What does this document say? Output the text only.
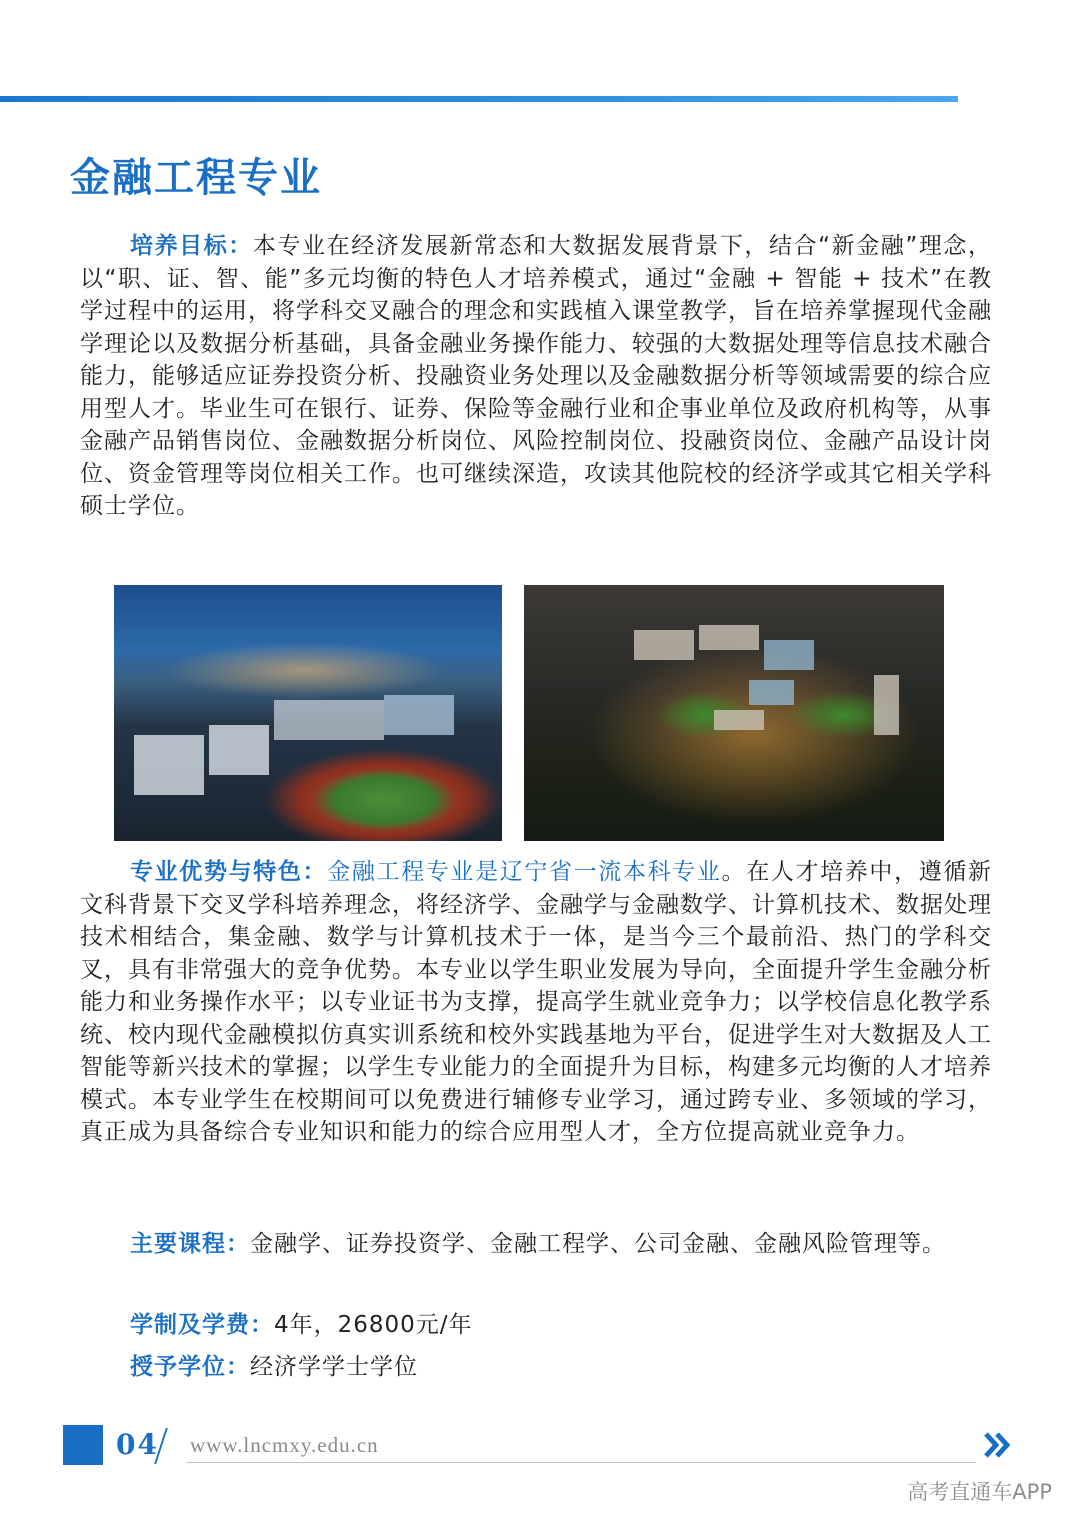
金融工程专业

培养目标：本专业在经济发展新常态和大数据发展背景下，结合“新金融”理念，以“职、证、智、能”多元均衡的特色人才培养模式，通过“金融 + 智能 + 技术”在教学过程中的运用，将学科交叉融合的理念和实践植入课堂教学，旨在培养掌握现代金融学理论以及数据分析基础，具备金融业务操作能力、较强的大数据处理等信息技术融合能力，能够适应证券投资分析、投融资业务处理以及金融数据分析等领域需要的综合应用型人才。毕业生可在银行、证券、保险等金融行业和企事业单位及政府机构等，从事金融产品销售岗位、金融数据分析岗位、风险控制岗位、投融资岗位、金融产品设计岗位、资金管理等岗位相关工作。也可继续深造，攻读其他院校的经济学或其它相关学科硕士学位。

专业优势与特色：金融工程专业是辽宁省一流本科专业。在人才培养中，遵循新文科背景下交叉学科培养理念，将经济学、金融学与金融数学、计算机技术、数据处理技术相结合，集金融、数学与计算机技术于一体，是当今三个最前沿、热门的学科交叉，具有非常强大的竞争优势。本专业以学生职业发展为导向，全面提升学生金融分析能力和业务操作水平；以专业证书为支撑，提高学生就业竞争力；以学校信息化教学系统、校内现代金融模拟仿真实训系统和校外实践基地为平台，促进学生对大数据及人工智能等新兴技术的掌握；以学生专业能力的全面提升为目标，构建多元均衡的人才培养模式。本专业学生在校期间可以免费进行辅修专业学习，通过跨专业、多领域的学习，真正成为具备综合专业知识和能力的综合应用型人才，全方位提高就业竞争力。

主要课程：金融学、证券投资学、金融工程学、公司金融、金融风险管理等。

学制及学费：4年，26800元/年
授予学位：经济学学士学位
04 www.lncmxy.edu.cn
高考直通车APP
